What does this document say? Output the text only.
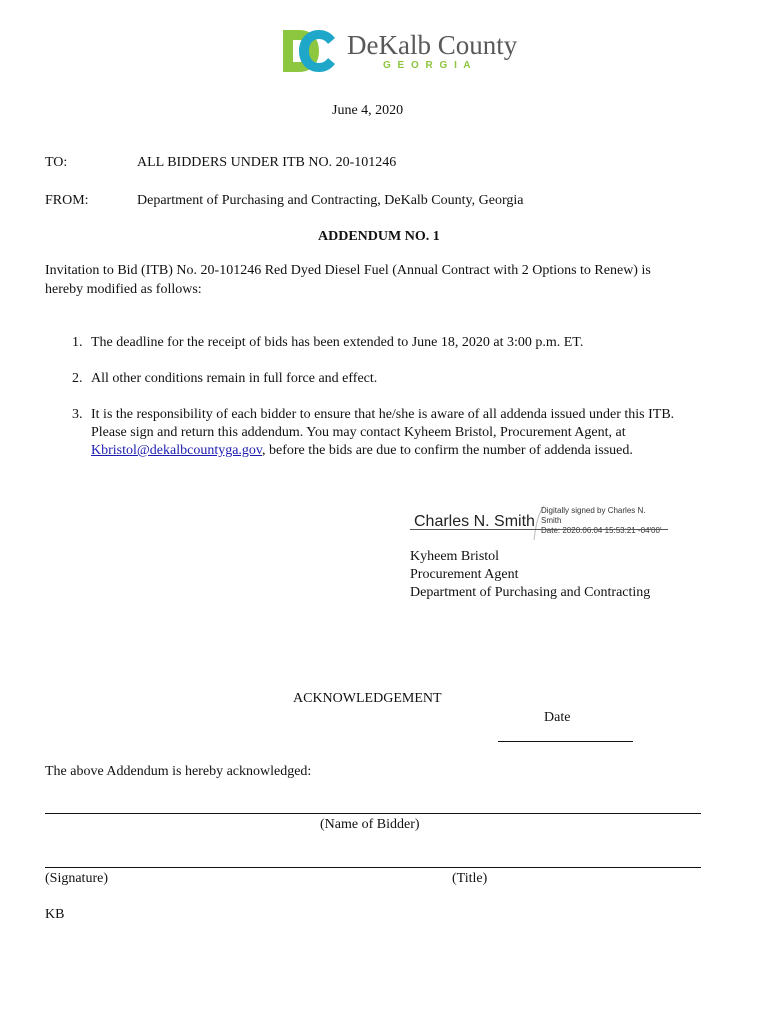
DeKalb County
G E O R G I A
June 4, 2020
TO:	ALL BIDDERS UNDER ITB NO. 20-101246
FROM:	Department of Purchasing and Contracting, DeKalb County, Georgia
ADDENDUM NO. 1
Invitation to Bid (ITB) No. 20-101246 Red Dyed Diesel Fuel (Annual Contract with 2 Options to Renew) is
hereby modified as follows:
1. The deadline for the receipt of bids has been extended to June 18, 2020 at 3:00 p.m. ET.
2. All other conditions remain in full force and effect.
3. It is the responsibility of each bidder to ensure that he/she is aware of all addenda issued under this ITB.
Please sign and return this addendum. You may contact Kyheem Bristol, Procurement Agent, at
Kbristol@dekalbcountyga.gov, before the bids are due to confirm the number of addenda issued.
Charles N. Smith
Digitally signed by Charles N.
Smith
Date: 2020.06.04 15:53:21 -04'00'
Kyheem Bristol
Procurement Agent
Department of Purchasing and Contracting
ACKNOWLEDGEMENT
Date
The above Addendum is hereby acknowledged:
(Name of Bidder)
(Signature)	(Title)
KB
